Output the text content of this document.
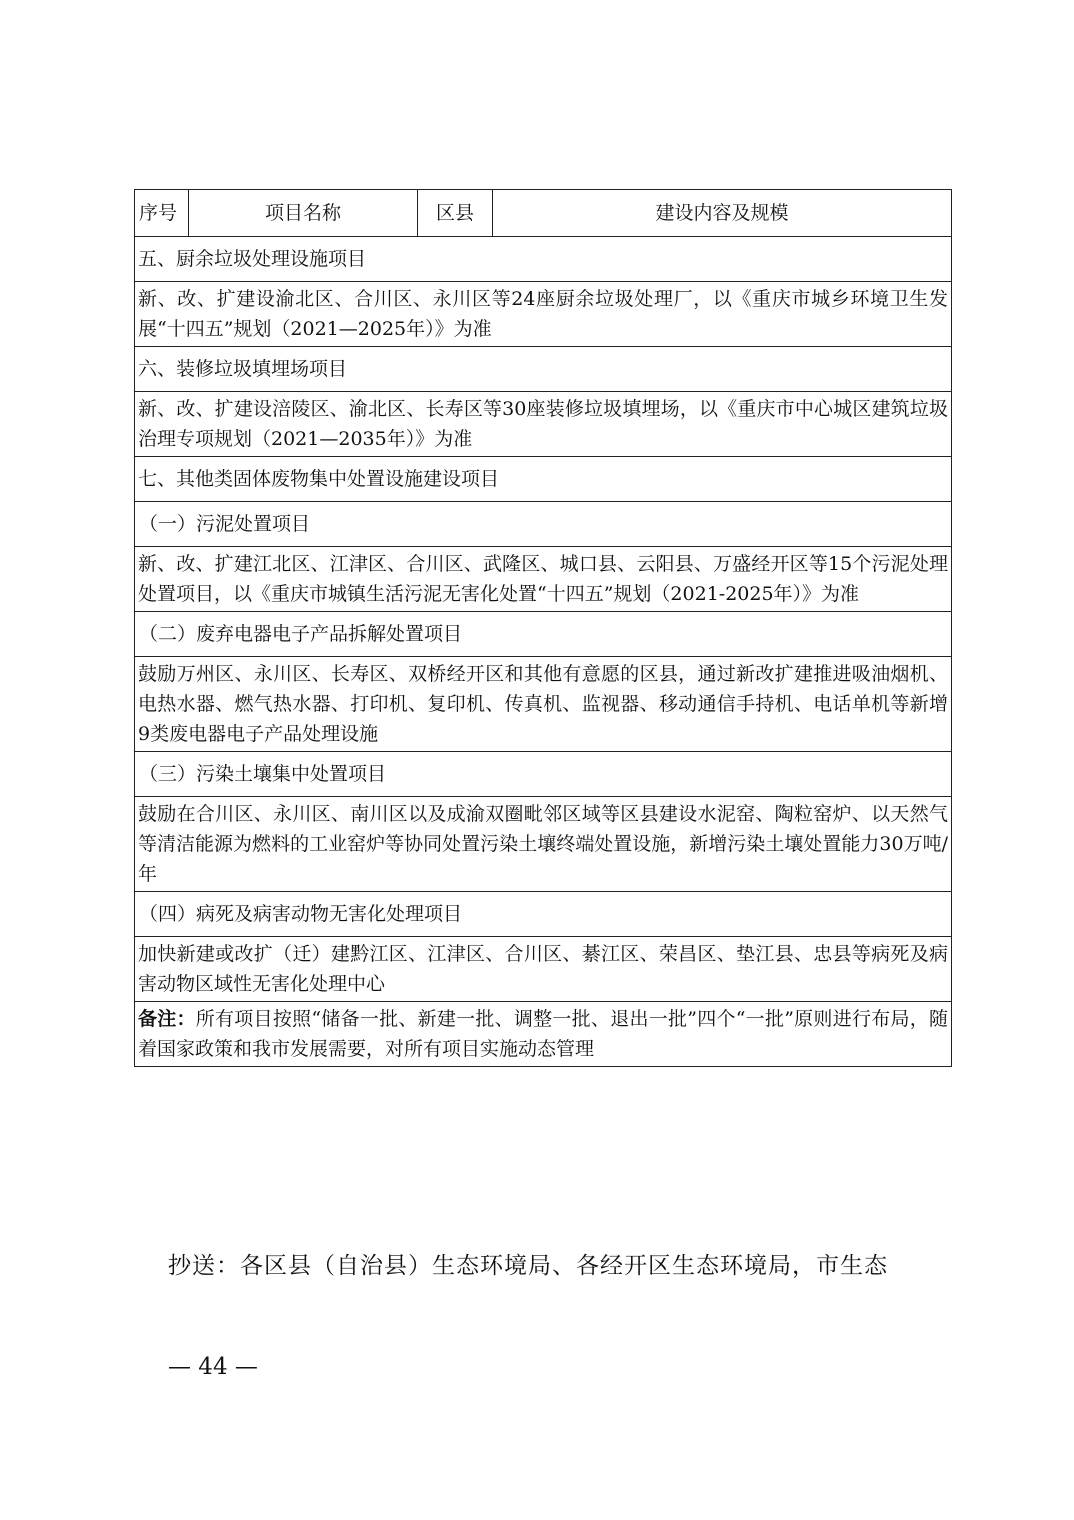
序号	项目名称	区县	建设内容及规模
五、厨余垃圾处理设施项目
新、改、扩建设渝北区、合川区、永川区等24座厨余垃圾处理厂，以《重庆市城乡环境卫生发展“十四五”规划（2021—2025年）》为准
六、装修垃圾填埋场项目
新、改、扩建设涪陵区、渝北区、长寿区等30座装修垃圾填埋场，以《重庆市中心城区建筑垃圾治理专项规划（2021—2035年）》为准
七、其他类固体废物集中处置设施建设项目
（一）污泥处置项目
新、改、扩建江北区、江津区、合川区、武隆区、城口县、云阳县、万盛经开区等15个污泥处理处置项目，以《重庆市城镇生活污泥无害化处置“十四五”规划（2021-2025年）》为准
（二）废弃电器电子产品拆解处置项目
鼓励万州区、永川区、长寿区、双桥经开区和其他有意愿的区县，通过新改扩建推进吸油烟机、电热水器、燃气热水器、打印机、复印机、传真机、监视器、移动通信手持机、电话单机等新增9类废电器电子产品处理设施
（三）污染土壤集中处置项目
鼓励在合川区、永川区、南川区以及成渝双圈毗邻区域等区县建设水泥窑、陶粒窑炉、以天然气等清洁能源为燃料的工业窑炉等协同处置污染土壤终端处置设施，新增污染土壤处置能力30万吨/年
（四）病死及病害动物无害化处理项目
加快新建或改扩（迁）建黔江区、江津区、合川区、綦江区、荣昌区、垫江县、忠县等病死及病害动物区域性无害化处理中心
备注：所有项目按照“储备一批、新建一批、调整一批、退出一批”四个“一批”原则进行布局，随着国家政策和我市发展需要，对所有项目实施动态管理
抄送：各区县（自治县）生态环境局、各经开区生态环境局，市生态
— 44 —
